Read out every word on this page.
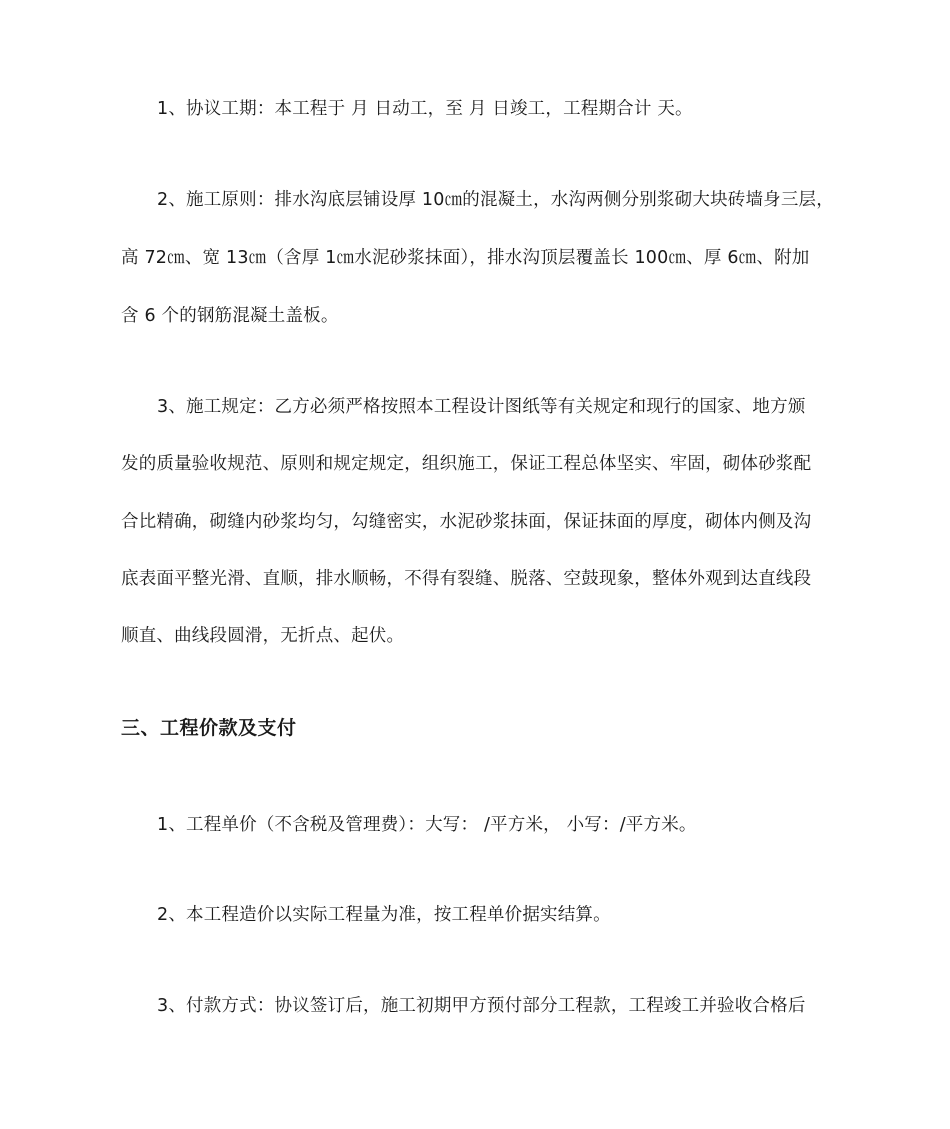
1、协议工期：本工程于 月 日动工，至 月 日竣工，工程期合计 天。
2、施工原则：排水沟底层铺设厚 10㎝的混凝土，水沟两侧分别浆砌大块砖墙身三层，
高 72㎝、宽 13㎝（含厚 1㎝水泥砂浆抹面），排水沟顶层覆盖长 100㎝、厚 6㎝、附加
含 6 个的钢筋混凝土盖板。
3、施工规定：乙方必须严格按照本工程设计图纸等有关规定和现行的国家、地方颁
发的质量验收规范、原则和规定规定，组织施工，保证工程总体坚实、牢固，砌体砂浆配
合比精确，砌缝内砂浆均匀，勾缝密实，水泥砂浆抹面，保证抹面的厚度，砌体内侧及沟
底表面平整光滑、直顺，排水顺畅，不得有裂缝、脱落、空鼓现象，整体外观到达直线段
顺直、曲线段圆滑，无折点、起伏。
三、工程价款及支付
1、工程单价（不含税及管理费）：大写： /平方米， 小写：/平方米。
2、本工程造价以实际工程量为准，按工程单价据实结算。
3、付款方式：协议签订后，施工初期甲方预付部分工程款，工程竣工并验收合格后
